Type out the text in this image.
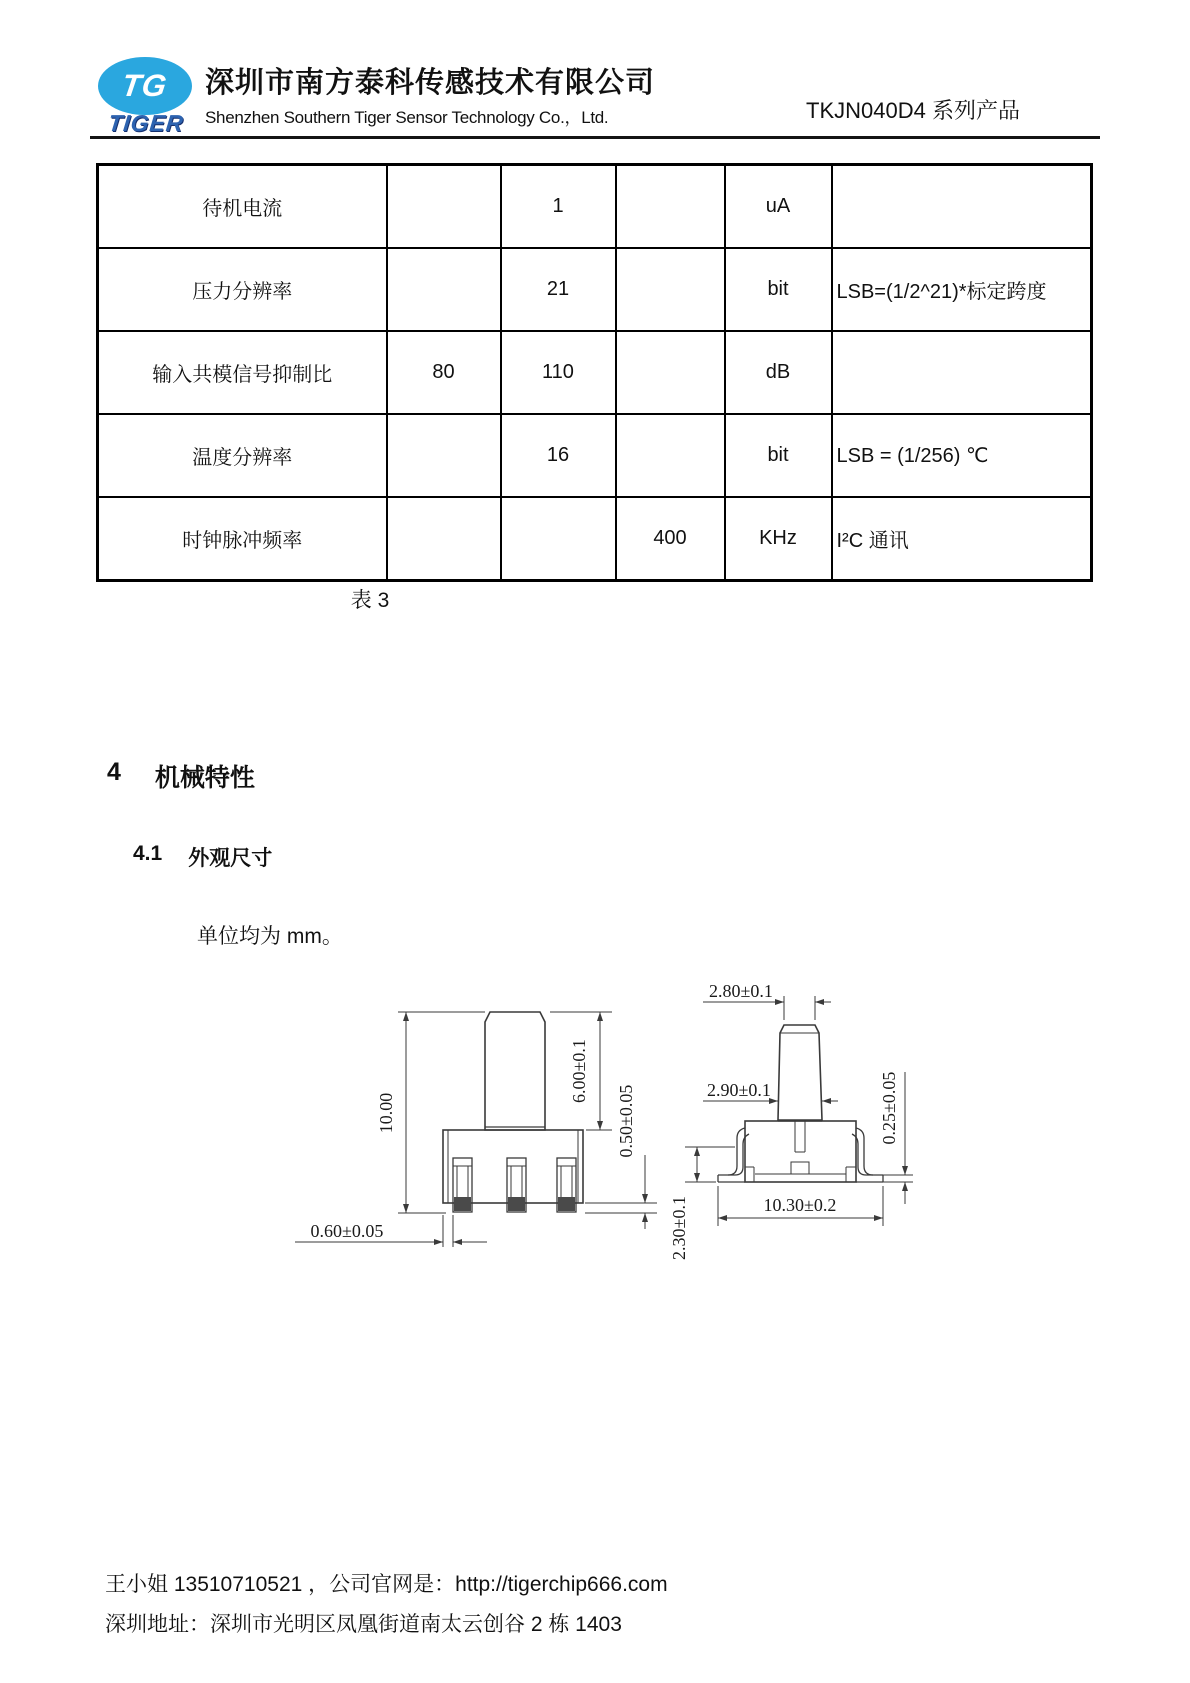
TG
TIGER
深圳市南方泰科传感技术有限公司
Shenzhen Southern Tiger Sensor Technology Co.，Ltd.	TKJN040D4 系列产品
待机电流		1		uA	
压力分辨率		21		bit	LSB=(1/2^21)*标定跨度
输入共模信号抑制比	80	110		dB	
温度分辨率		16		bit	LSB = (1/256) ℃
时钟脉冲频率			400	KHz	I²C 通讯
表 3
4 机械特性
4.1 外观尺寸
单位均为 mm。
10.00
6.00±0.1
0.50±0.05
0.60±0.05
2.80±0.1
2.90±0.1	0.25±0.05
2.30±0.1	10.30±0.2
王小姐 13510710521 ，公司官网是：http://tigerchip666.com
深圳地址：深圳市光明区凤凰街道南太云创谷 2 栋 1403
